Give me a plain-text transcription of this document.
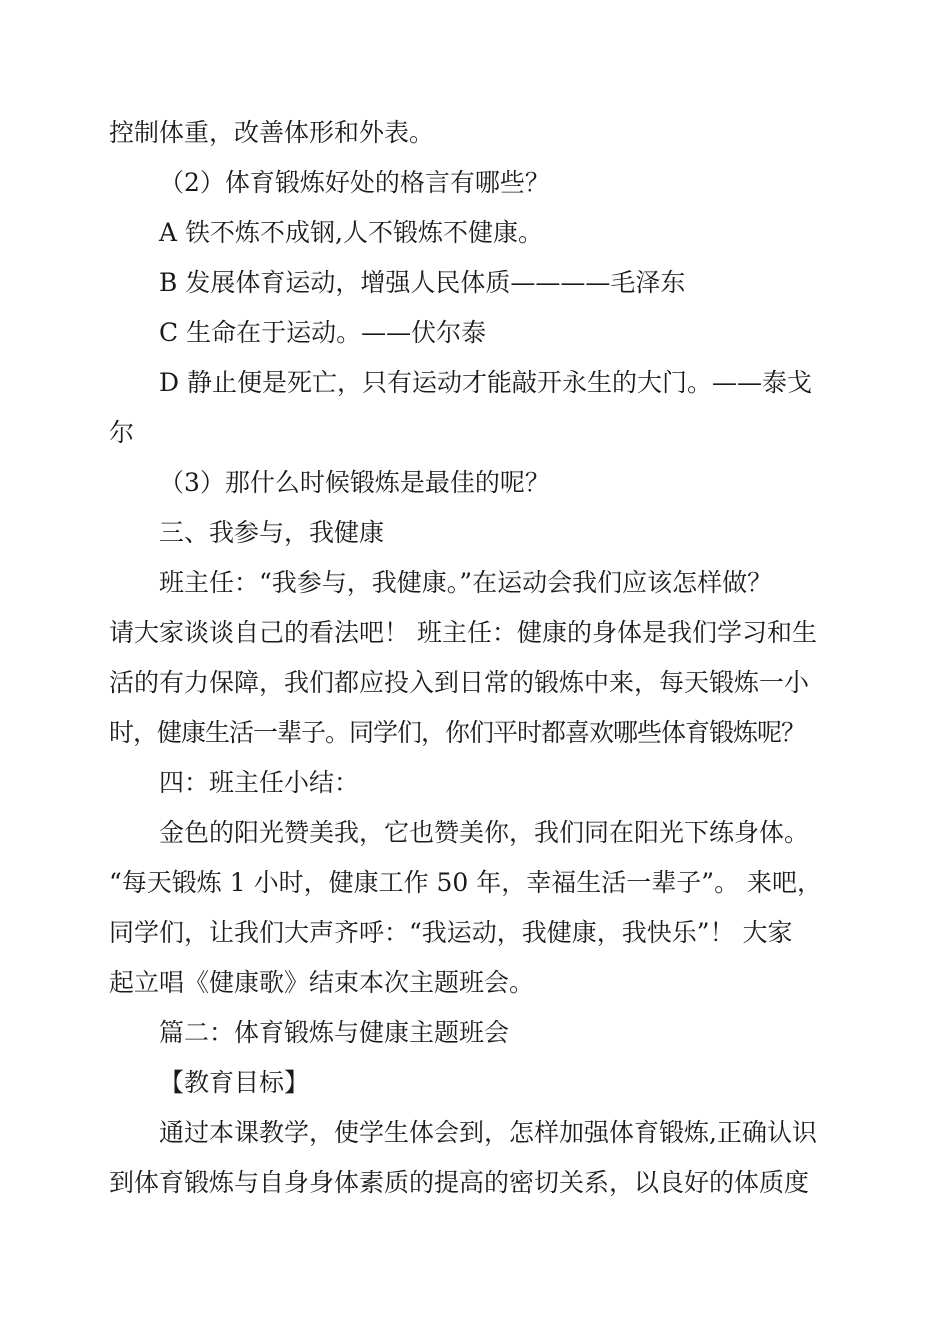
控制体重，改善体形和外表。
（2）体育锻炼好处的格言有哪些？
A 铁不炼不成钢,人不锻炼不健康。
B 发展体育运动，增强人民体质————毛泽东
C 生命在于运动。——伏尔泰
D 静止便是死亡，只有运动才能敲开永生的大门。——泰戈
尔
（3）那什么时候锻炼是最佳的呢？
三、我参与，我健康
班主任：“我参与，我健康。”在运动会我们应该怎样做？
请大家谈谈自己的看法吧！ 班主任：健康的身体是我们学习和生
活的有力保障，我们都应投入到日常的锻炼中来，每天锻炼一小
时，健康生活一辈子。同学们，你们平时都喜欢哪些体育锻炼呢？
四：班主任小结：
金色的阳光赞美我，它也赞美你，我们同在阳光下练身体。
“每天锻炼 1 小时，健康工作 50 年，幸福生活一辈子”。 来吧，
同学们，让我们大声齐呼：“我运动，我健康，我快乐”！ 大家
起立唱《健康歌》结束本次主题班会。
篇二：体育锻炼与健康主题班会
【教育目标】
通过本课教学，使学生体会到，怎样加强体育锻炼,正确认识
到体育锻炼与自身身体素质的提高的密切关系，以良好的体质度
